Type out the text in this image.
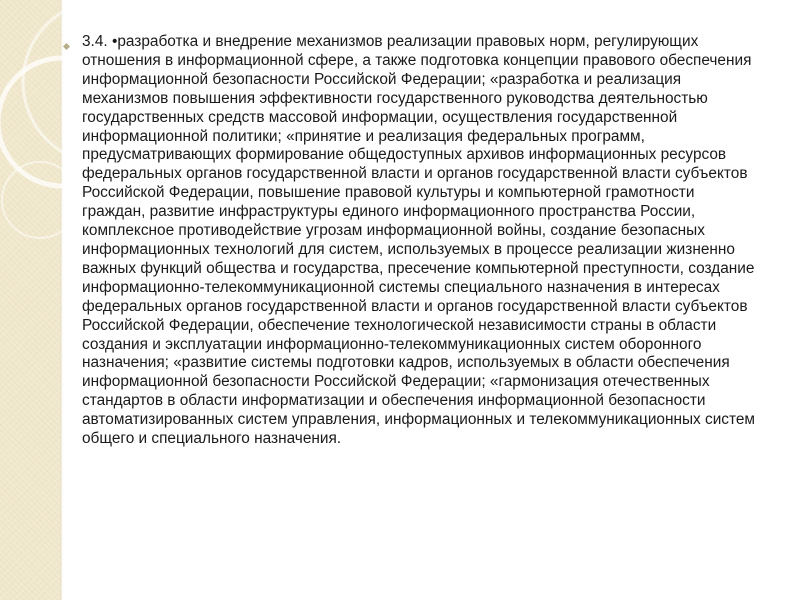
3.4. •разработка и внедрение механизмов реализации правовых норм, регулирующих отношения в информационной сфере, а также подготовка концепции правового обеспечения информационной безопасности Российской Федерации; «разработка и реализация механизмов повышения эффективности государственного руководства деятельностью государственных средств массовой информации, осуществления государственной информационной политики; «принятие и реализация федеральных программ, предусматривающих формирование общедоступных архивов информационных ресурсов федеральных органов государственной власти и органов государственной власти субъектов Российской Федерации, повышение правовой культуры и компьютерной грамотности граждан, развитие инфраструктуры единого информационного пространства России, комплексное противодействие угрозам информационной войны, создание безопасных информационных технологий для систем, используемых в процессе реализации жизненно важных функций общества и государства, пресечение компьютерной преступности, создание информационно-телекоммуникационной системы специального назначения в интересах федеральных органов государственной власти и органов государственной власти субъектов Российской Федерации, обеспечение технологической независимости страны в области создания и эксплуатации информационно-телекоммуникационных систем оборонного назначения; «развитие системы подготовки кадров, используемых в области обеспечения информационной безопасности Российской Федерации; «гармонизация отечественных стандартов в области информатизации и обеспечения информационной безопасности автоматизированных систем управления, информационных и телекоммуникационных систем общего и специального назначения.
